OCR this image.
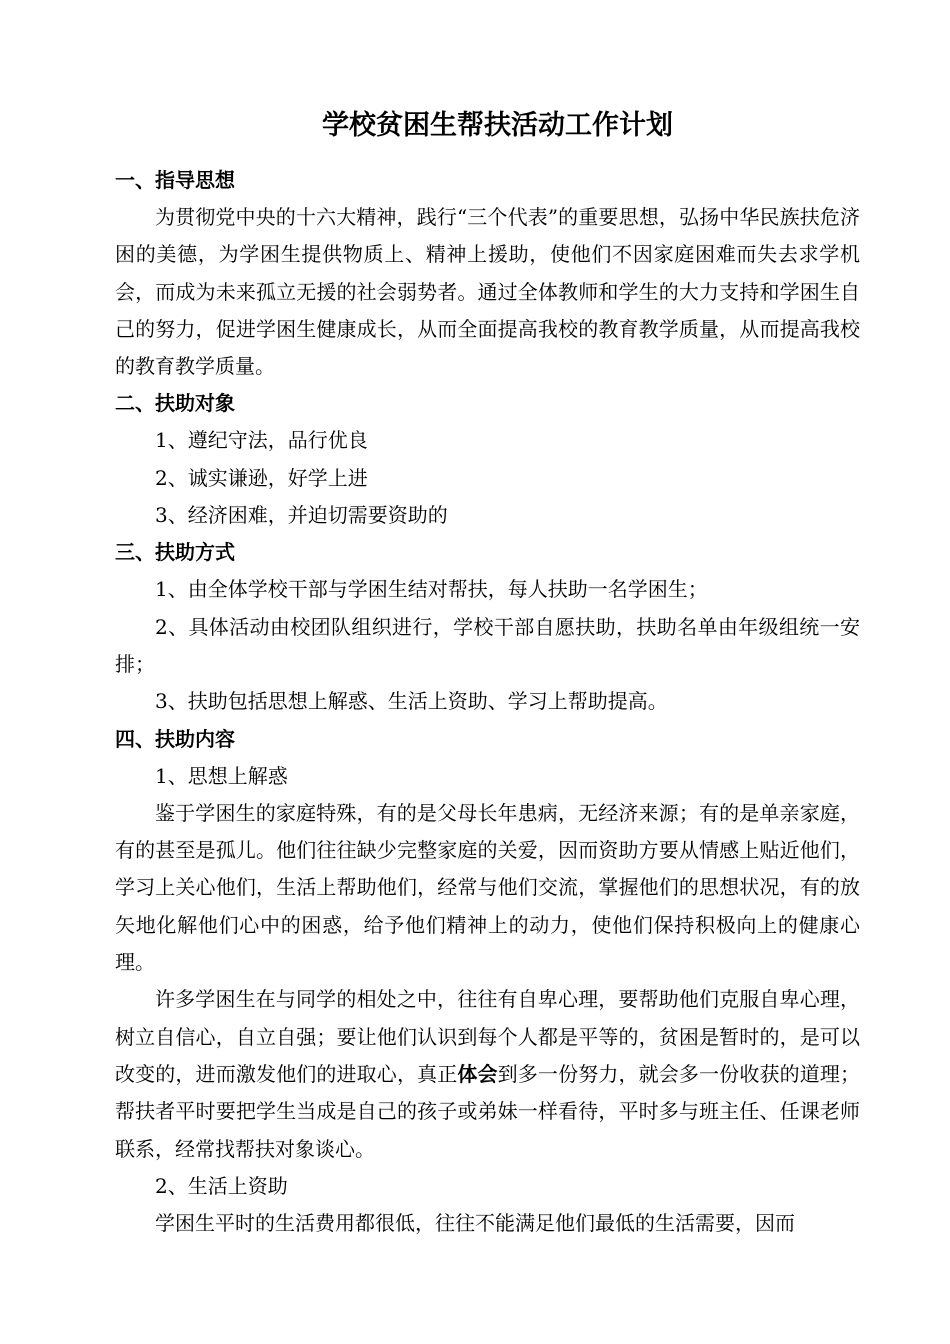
学校贫困生帮扶活动工作计划
一、指导思想

为贯彻党中央的十六大精神，践行“三个代表”的重要思想，弘扬中华民族扶危济困的美德，为学困生提供物质上、精神上援助，使他们不因家庭困难而失去求学机会，而成为未来孤立无援的社会弱势者。通过全体教师和学生的大力支持和学困生自己的努力，促进学困生健康成长，从而全面提高我校的教育教学质量，从而提高我校的教育教学质量。

二、扶助对象

1、遵纪守法，品行优良

2、诚实谦逊，好学上进

3、经济困难，并迫切需要资助的

三、扶助方式

1、由全体学校干部与学困生结对帮扶，每人扶助一名学困生；

2、具体活动由校团队组织进行，学校干部自愿扶助，扶助名单由年级组统一安排；

3、扶助包括思想上解惑、生活上资助、学习上帮助提高。

四、扶助内容

1、思想上解惑

鉴于学困生的家庭特殊，有的是父母长年患病，无经济来源；有的是单亲家庭，有的甚至是孤儿。他们往往缺少完整家庭的关爱，因而资助方要从情感上贴近他们，学习上关心他们，生活上帮助他们，经常与他们交流，掌握他们的思想状况，有的放矢地化解他们心中的困惑，给予他们精神上的动力，使他们保持积极向上的健康心理。

许多学困生在与同学的相处之中，往往有自卑心理，要帮助他们克服自卑心理，树立自信心，自立自强；要让他们认识到每个人都是平等的，贫困是暂时的，是可以改变的，进而激发他们的进取心，真正体会到多一份努力，就会多一份收获的道理；帮扶者平时要把学生当成是自己的孩子或弟妹一样看待，平时多与班主任、任课老师联系，经常找帮扶对象谈心。

2、生活上资助

学困生平时的生活费用都很低，往往不能满足他们最低的生活需要，因而
